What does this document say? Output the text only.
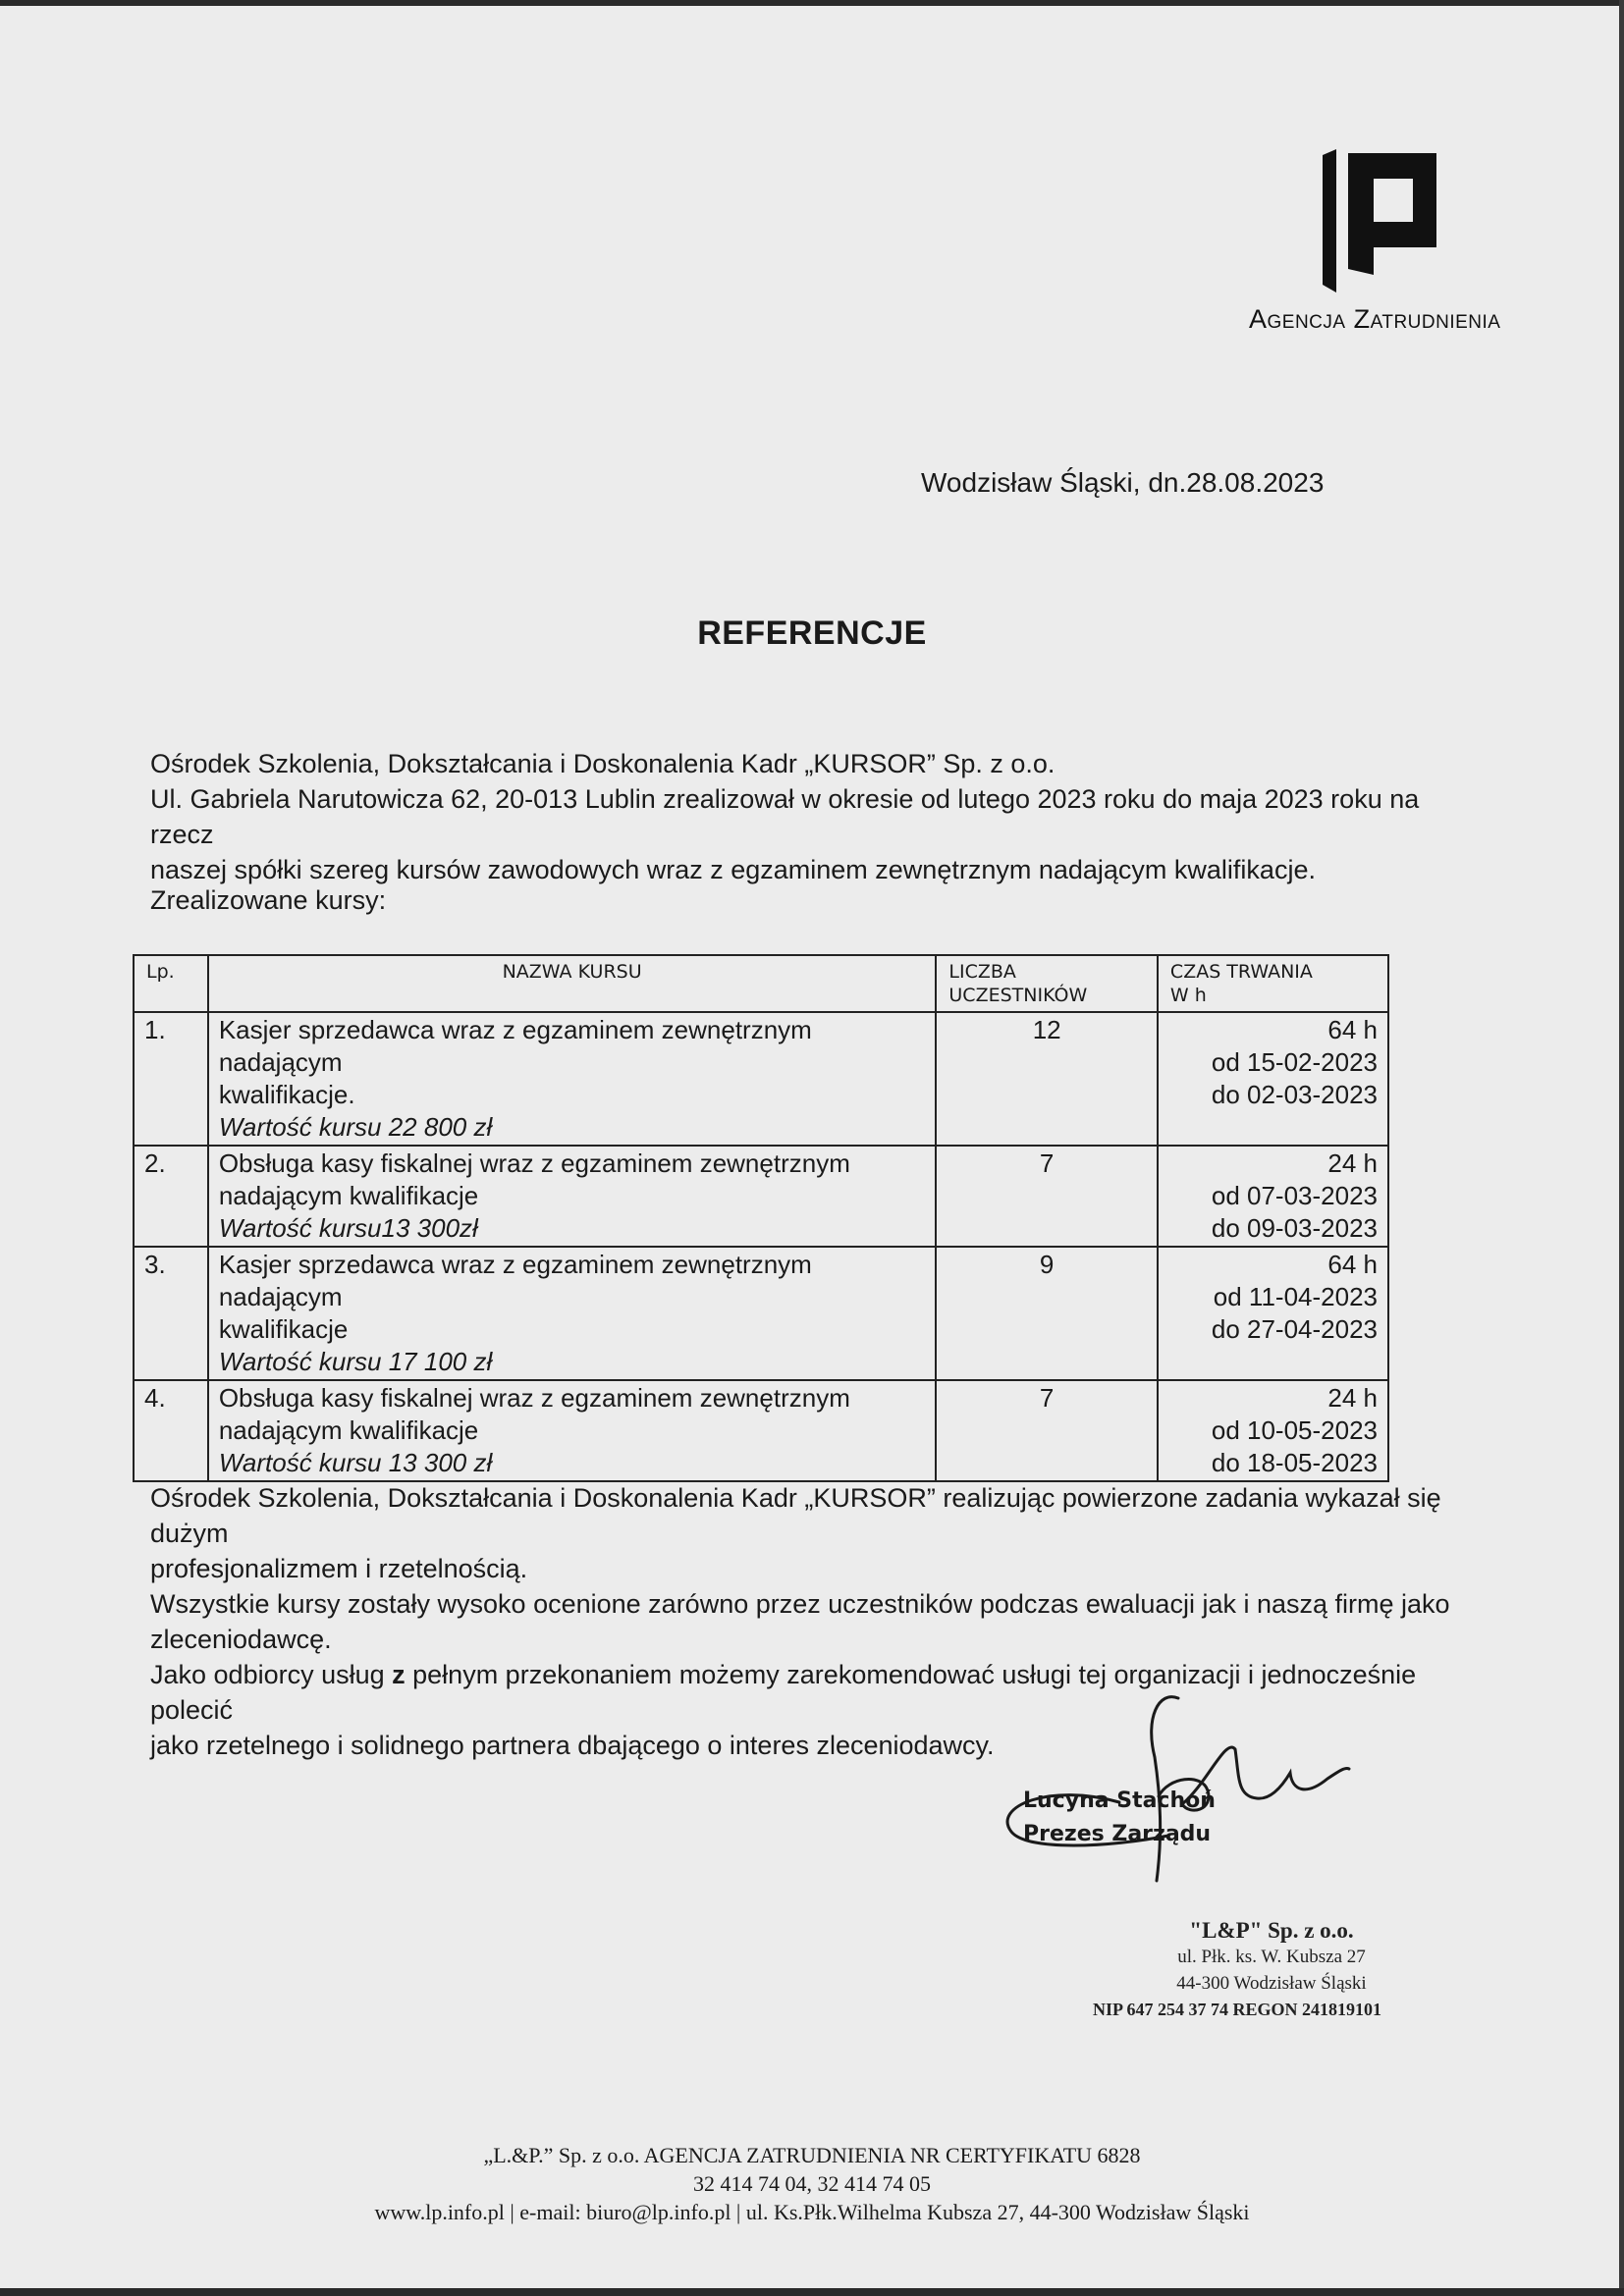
Agencja Zatrudnienia
Wodzisław Śląski, dn.28.08.2023
REFERENCJE

Ośrodek Szkolenia, Dokształcania i Doskonalenia Kadr „KURSOR” Sp. z o.o.

Ul. Gabriela Narutowicza 62, 20-013 Lublin zrealizował w okresie od lutego 2023 roku do maja 2023 roku na rzecz

naszej spółki szereg kursów zawodowych wraz z egzaminem zewnętrznym nadającym kwalifikacje.

Zrealizowane kursy:
Lp.	NAZWA KURSU	LICZBA
UCZESTNIKÓW	CZAS TRWANIA
W h

1.	Kasjer sprzedawca wraz z egzaminem zewnętrznym nadającym
kwalifikacje.
Wartość kursu 22 800 zł	12	64 h
od 15-02-2023
do 02-03-2023

2.	Obsługa kasy fiskalnej wraz z egzaminem zewnętrznym
nadającym kwalifikacje
Wartość kursu13 300zł	7	24 h
od 07-03-2023
do 09-03-2023

3.	Kasjer sprzedawca wraz z egzaminem zewnętrznym nadającym
kwalifikacje
Wartość kursu 17 100 zł	9	64 h
od 11-04-2023
do 27-04-2023

4.	Obsługa kasy fiskalnej wraz z egzaminem zewnętrznym
nadającym kwalifikacje
Wartość kursu 13 300 zł	7	24 h
od 10-05-2023
do 18-05-2023

Ośrodek Szkolenia, Dokształcania i Doskonalenia Kadr „KURSOR” realizując powierzone zadania wykazał się dużym

profesjonalizmem i rzetelnością.

Wszystkie kursy zostały wysoko ocenione zarówno przez uczestników podczas ewaluacji jak i naszą firmę jako

zleceniodawcę.

Jako odbiorcy usług z pełnym przekonaniem możemy zarekomendować usługi tej organizacji i jednocześnie polecić

jako rzetelnego i solidnego partnera dbającego o interes zleceniodawcy.

Lucyna Stachoń
Prezes Zarządu
"L&P" Sp. z o.o.
ul. Płk. ks. W. Kubsza 27
44-300 Wodzisław Śląski
NIP 647 254 37 74 REGON 241819101
„L.&P.” Sp. z o.o. AGENCJA ZATRUDNIENIA NR CERTYFIKATU 6828
32 414 74 04, 32 414 74 05
www.lp.info.pl | e-mail: biuro@lp.info.pl | ul. Ks.Płk.Wilhelma Kubsza 27, 44-300 Wodzisław Śląski
